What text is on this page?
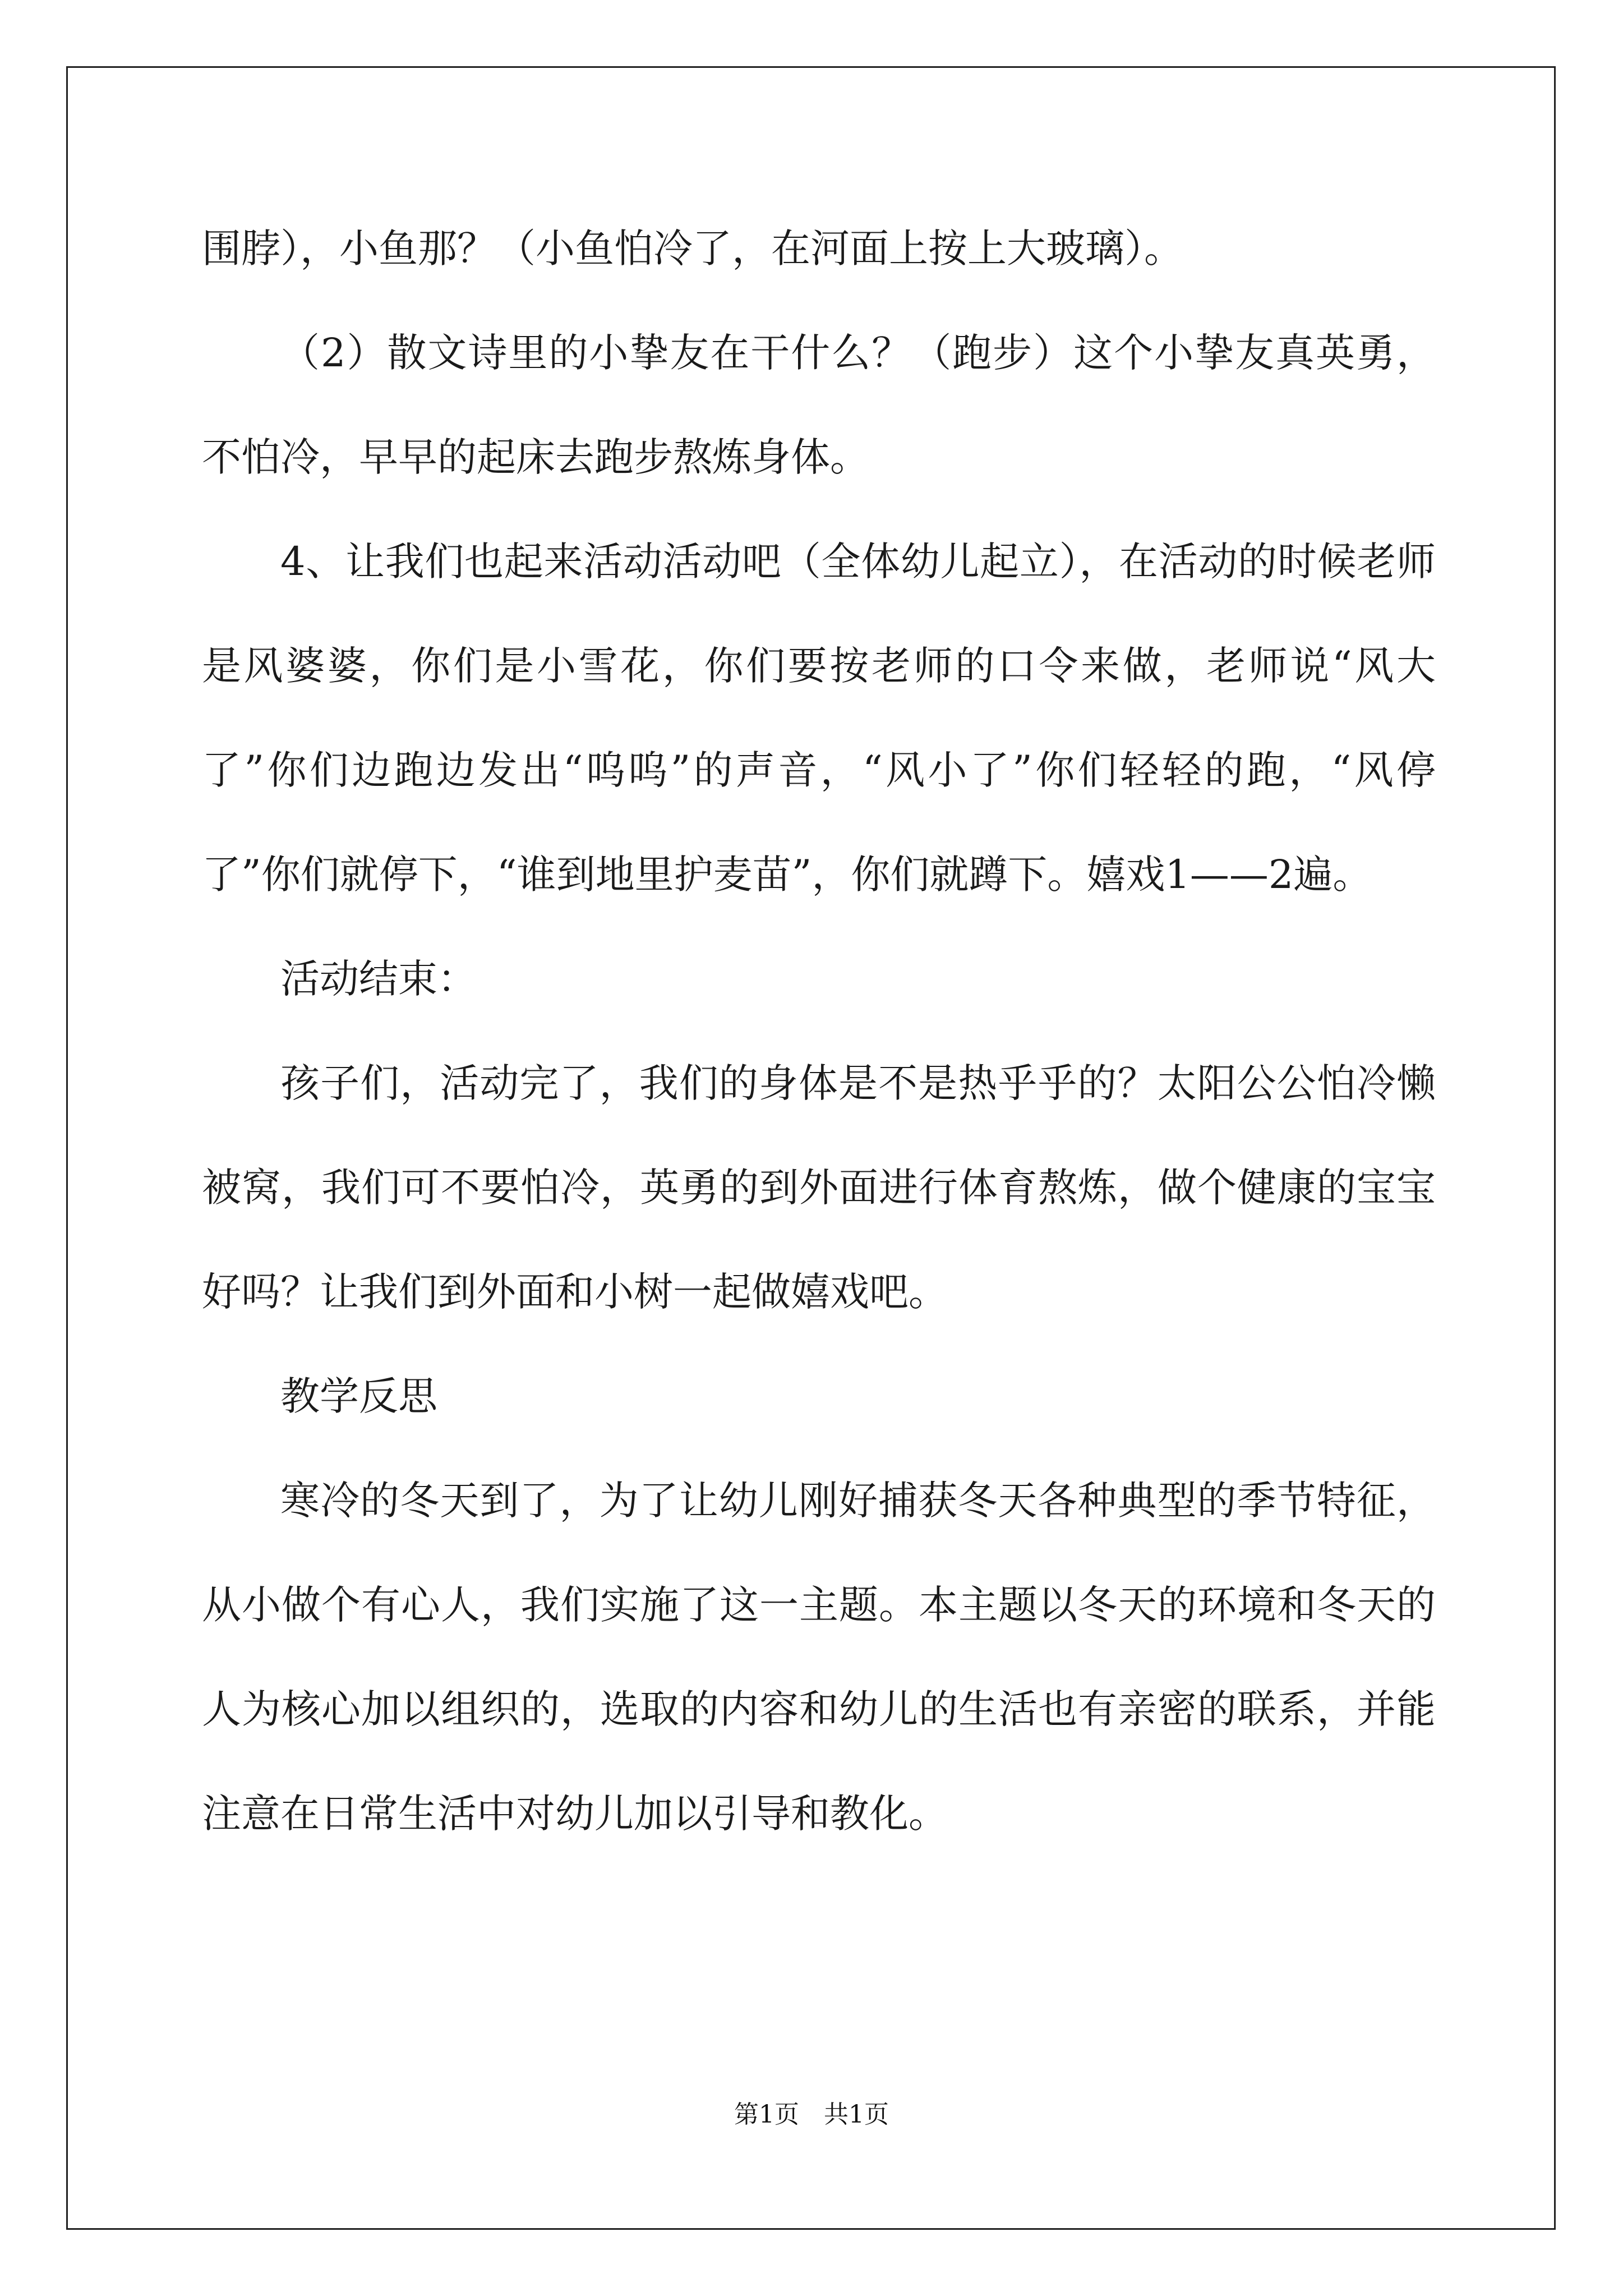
围脖），小鱼那？（小鱼怕冷了，在河面上按上大玻璃）。

（2）散文诗里的小挚友在干什么？（跑步）这个小挚友真英勇，不怕冷，早早的起床去跑步熬炼身体。

4、让我们也起来活动活动吧（全体幼儿起立），在活动的时候老师是风婆婆，你们是小雪花，你们要按老师的口令来做，老师说“风大了”你们边跑边发出“呜呜”的声音，“风小了”你们轻轻的跑，“风停了”你们就停下，“谁到地里护麦苗”，你们就蹲下。嬉戏1——2遍。

活动结束：

孩子们，活动完了，我们的身体是不是热乎乎的？太阳公公怕冷懒被窝，我们可不要怕冷，英勇的到外面进行体育熬炼，做个健康的宝宝好吗？让我们到外面和小树一起做嬉戏吧。

教学反思

寒冷的冬天到了，为了让幼儿刚好捕获冬天各种典型的季节特征，从小做个有心人，我们实施了这一主题。本主题以冬天的环境和冬天的人为核心加以组织的，选取的内容和幼儿的生活也有亲密的联系，并能注意在日常生活中对幼儿加以引导和教化。

第1页　共1页
